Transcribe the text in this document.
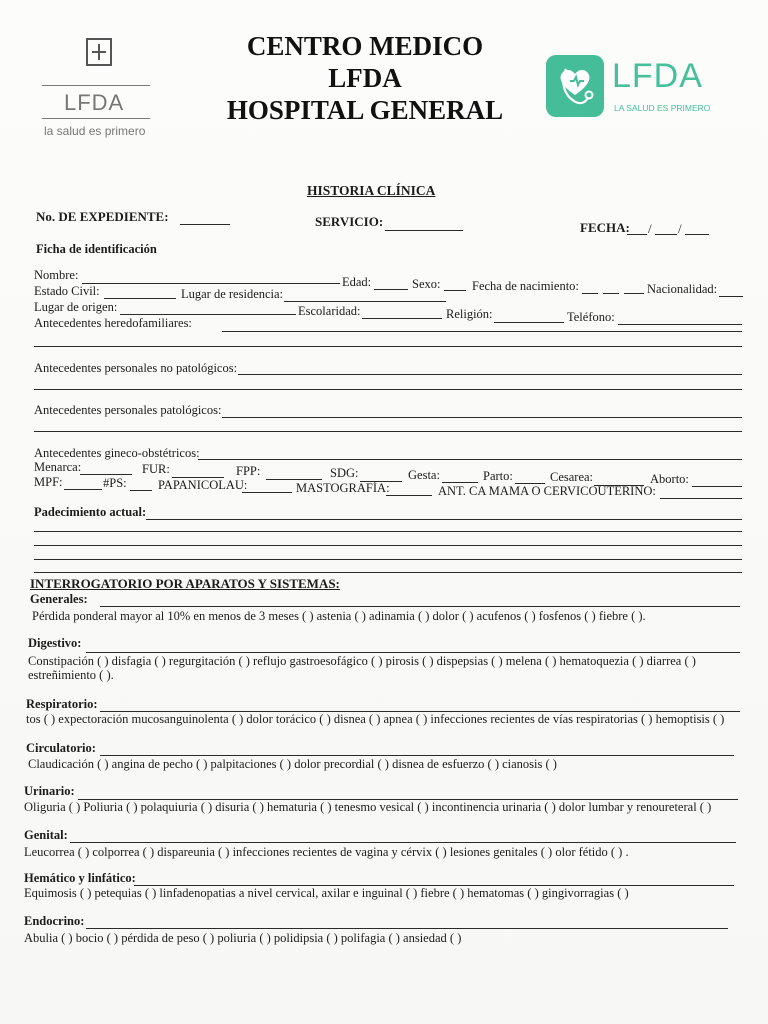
LFDA
la salud es primero
CENTRO MEDICO
LFDA
HOSPITAL GENERAL
LFDA
LA SALUD ES PRIMERO
HISTORIA CLÍNICA
No. DE EXPEDIENTE:	SERVICIO:	FECHA: / /
Ficha de identificación
Nombre:	Edad:	Sexo:	Fecha de nacimiento:	Nacionalidad:
Estado Civil:	Lugar de residencia:
Lugar de origen:	Escolaridad:	Religión:	Teléfono:
Antecedentes heredofamiliares:
Antecedentes personales no patológicos:
Antecedentes personales patológicos:
Antecedentes gineco-obstétricos:
Menarca:	FUR:	FPP:	SDG:	Gesta:	Parto:	Cesarea:	Aborto:
MPF:	#PS:	PAPANICOLAU:	MASTOGRAFÍA:	ANT. CA MAMA O CERVICOUTERINO:
Padecimiento actual:
INTERROGATORIO POR APARATOS Y SISTEMAS:
Generales:
Pérdida ponderal mayor al 10% en menos de 3 meses ( ) astenia ( ) adinamia ( ) dolor ( ) acufenos ( ) fosfenos ( ) fiebre ( ).
Digestivo:
Constipación ( ) disfagia ( ) regurgitación ( ) reflujo gastroesofágico ( ) pirosis ( ) dispepsias ( ) melena ( ) hematoquezia ( ) diarrea ( )
estreñimiento ( ).
Respiratorio:
tos ( ) expectoración mucosanguinolenta ( ) dolor torácico ( ) disnea ( ) apnea ( ) infecciones recientes de vías respiratorias ( ) hemoptisis ( )
Circulatorio:
Claudicación ( ) angina de pecho ( ) palpitaciones ( ) dolor precordial ( ) disnea de esfuerzo ( ) cianosis ( )
Urinario:
Oliguria ( ) Poliuria ( ) polaquiuria ( ) disuria ( ) hematuria ( ) tenesmo vesical ( ) incontinencia urinaria ( ) dolor lumbar y renoureteral ( )
Genital:
Leucorrea ( ) colporrea ( ) dispareunia ( ) infecciones recientes de vagina y cérvix ( ) lesiones genitales ( ) olor fétido ( ) .
Hemático y linfático:
Equimosis ( ) petequias ( ) linfadenopatias a nivel cervical, axilar e inguinal ( ) fiebre ( ) hematomas ( ) gingivorragias ( )
Endocrino:
Abulia ( ) bocio ( ) pérdida de peso ( ) poliuria ( ) polidipsia ( ) polifagia ( ) ansiedad ( )
